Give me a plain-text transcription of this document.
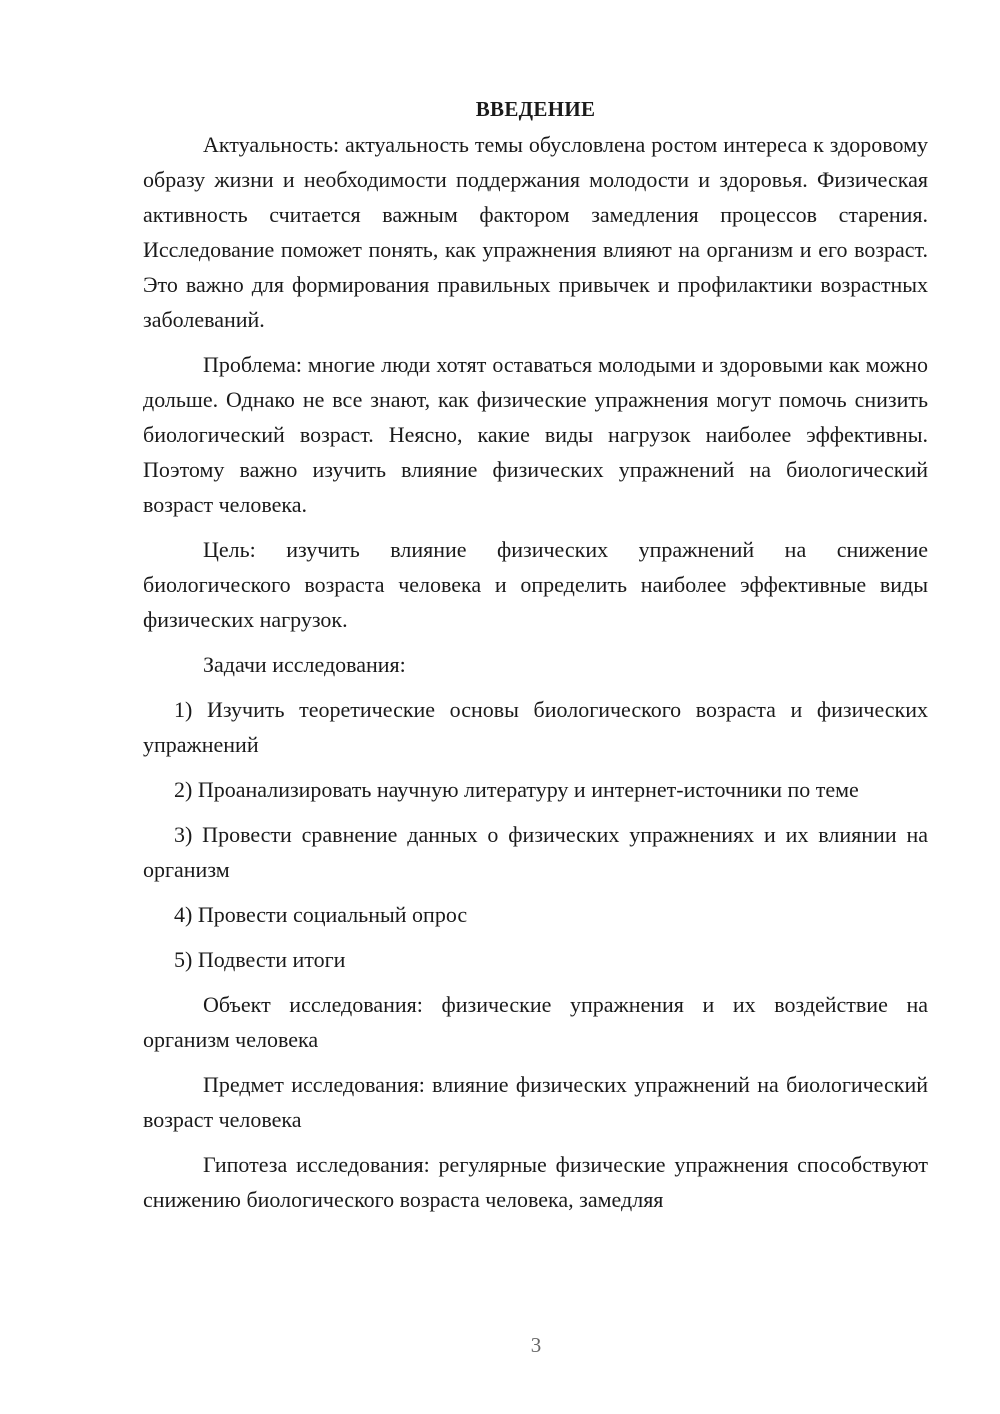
ВВЕДЕНИЕ

Актуальность: актуальность темы обусловлена ростом интереса к здоровому образу жизни и необходимости поддержания молодости и здоровья. Физическая активность считается важным фактором замедления процессов старения. Исследование поможет понять, как упражнения влияют на организм и его возраст. Это важно для формирования правильных привычек и профилактики возрастных заболеваний.

Проблема: многие люди хотят оставаться молодыми и здоровыми как можно дольше. Однако не все знают, как физические упражнения могут помочь снизить биологический возраст. Неясно, какие виды нагрузок наиболее эффективны. Поэтому важно изучить влияние физических упражнений на биологический возраст человека.

Цель: изучить влияние физических упражнений на снижение биологического возраста человека и определить наиболее эффективные виды физических нагрузок.

Задачи исследования:

1) Изучить теоретические основы биологического возраста и физических упражнений

2) Проанализировать научную литературу и интернет-источники по теме

3) Провести сравнение данных о физических упражнениях и их влиянии на организм

4) Провести социальный опрос

5) Подвести итоги

Объект исследования: физические упражнения и их воздействие на организм человека

Предмет исследования: влияние физических упражнений на биологический возраст человека

Гипотеза исследования: регулярные физические упражнения способствуют снижению биологического возраста человека, замедляя

3
